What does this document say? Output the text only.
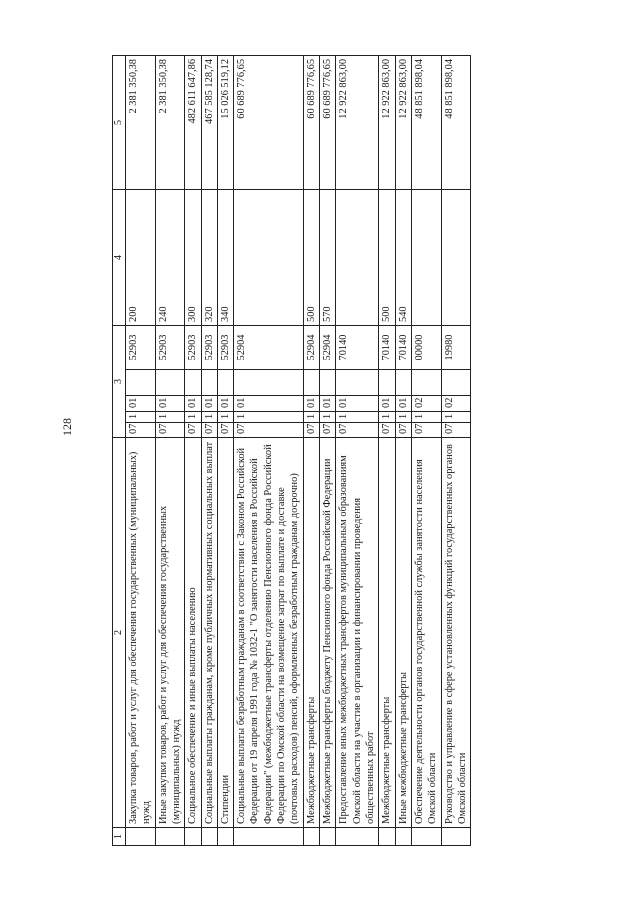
128
1	2	3					4	5
	Закупка товаров, работ и услуг для обеспечения государственных (муниципальных) нужд	07	1	01		52903	200	2 381 350,38
	Иные закупки товаров, работ и услуг для обеспечения государственных (муниципальных) нужд	07	1	01		52903	240	2 381 350,38
	Социальное обеспечение и иные выплаты населению	07	1	01		52903	300	482 611 647,86
	Социальные выплаты гражданам, кроме публичных нормативных социальных выплат	07	1	01		52903	320	467 585 128,74
	Стипендии	07	1	01		52903	340	15 026 519,12
	Социальные выплаты безработным гражданам в соответствии с Законом Российской Федерации от 19 апреля 1991 года № 1032-1 "О занятости населения в Российской Федерации" (межбюджетные трансферты отделению Пенсионного фонда Российской Федерации по Омской области на возмещение затрат по выплате и доставке (почтовых расходов) пенсий, оформленных безработным гражданам досрочно)	07	1	01		52904		60 689 776,65
	Межбюджетные трансферты	07	1	01		52904	500	60 689 776,65
	Межбюджетные трансферты бюджету Пенсионного фонда Российской Федерации	07	1	01		52904	570	60 689 776,65
	Предоставление иных межбюджетных трансфертов муниципальным образованиям Омской области на участие в организации и финансировании проведения общественных работ	07	1	01		70140		12 922 863,00
	Межбюджетные трансферты	07	1	01		70140	500	12 922 863,00
	Иные межбюджетные трансферты	07	1	01		70140	540	12 922 863,00
	Обеспечение деятельности органов государственной службы занятости населения Омской области	07	1	02		00000		48 851 898,04
	Руководство и управление в сфере установленных функций государственных органов Омской области	07	1	02		19980		48 851 898,04
